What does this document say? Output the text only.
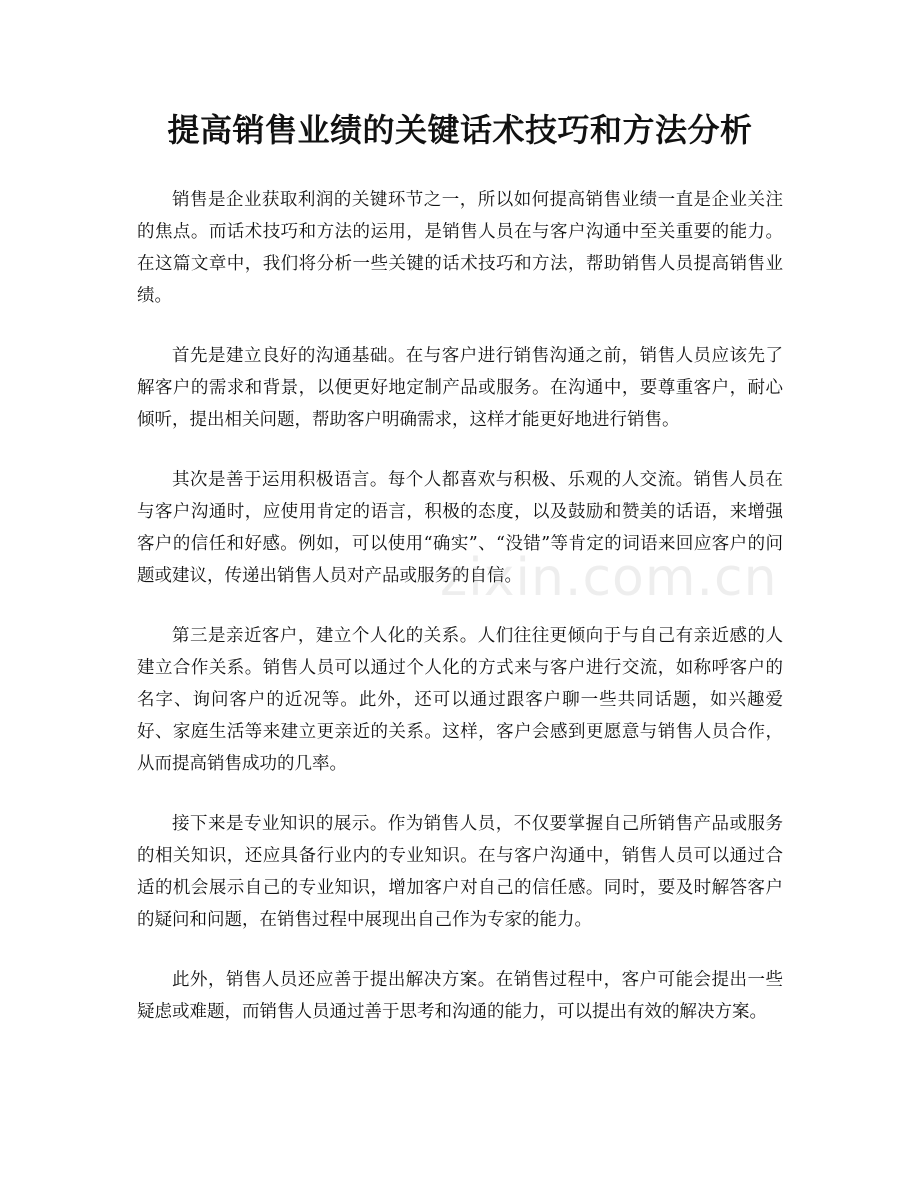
提高销售业绩的关键话术技巧和方法分析

销售是企业获取利润的关键环节之一，所以如何提高销售业绩一直是企业关注的焦点。而话术技巧和方法的运用，是销售人员在与客户沟通中至关重要的能力。在这篇文章中，我们将分析一些关键的话术技巧和方法，帮助销售人员提高销售业绩。

首先是建立良好的沟通基础。在与客户进行销售沟通之前，销售人员应该先了解客户的需求和背景，以便更好地定制产品或服务。在沟通中，要尊重客户，耐心倾听，提出相关问题，帮助客户明确需求，这样才能更好地进行销售。

其次是善于运用积极语言。每个人都喜欢与积极、乐观的人交流。销售人员在与客户沟通时，应使用肯定的语言，积极的态度，以及鼓励和赞美的话语，来增强客户的信任和好感。例如，可以使用“确实”、“没错”等肯定的词语来回应客户的问题或建议，传递出销售人员对产品或服务的自信。

第三是亲近客户，建立个人化的关系。人们往往更倾向于与自己有亲近感的人建立合作关系。销售人员可以通过个人化的方式来与客户进行交流，如称呼客户的名字、询问客户的近况等。此外，还可以通过跟客户聊一些共同话题，如兴趣爱好、家庭生活等来建立更亲近的关系。这样，客户会感到更愿意与销售人员合作，从而提高销售成功的几率。

接下来是专业知识的展示。作为销售人员，不仅要掌握自己所销售产品或服务的相关知识，还应具备行业内的专业知识。在与客户沟通中，销售人员可以通过合适的机会展示自己的专业知识，增加客户对自己的信任感。同时，要及时解答客户的疑问和问题，在销售过程中展现出自己作为专家的能力。

此外，销售人员还应善于提出解决方案。在销售过程中，客户可能会提出一些疑虑或难题，而销售人员通过善于思考和沟通的能力，可以提出有效的解决方案。

zixin.com.cn
